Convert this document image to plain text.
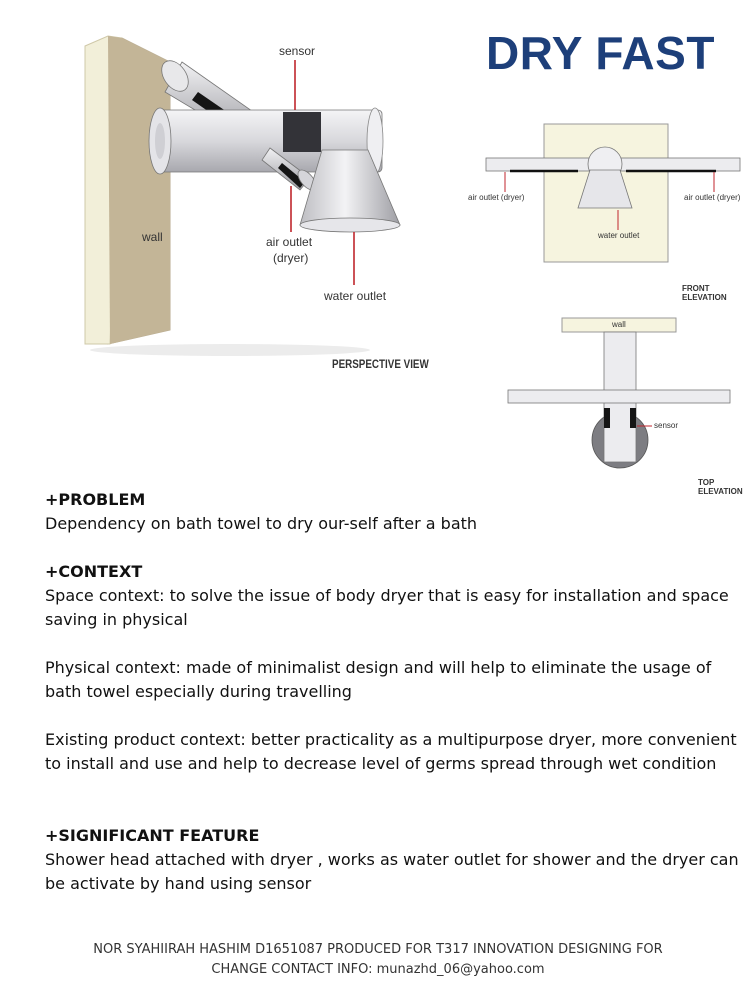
DRY FAST
sensor
wall	air outlet
(dryer)
water outlet
PERSPECTIVE VIEW
air outlet (dryer)	air outlet (dryer)
water outlet
FRONT ELEVATION
wall
sensor
TOP ELEVATION

+PROBLEM

Dependency on bath towel to dry our-self after a bath

+CONTEXT

Space context: to solve the issue of body dryer that is easy for installation and space saving in physical

Physical context: made of minimalist design and will help to eliminate the usage of bath towel especially during travelling

Existing product context: better practicality as a multipurpose dryer, more convenient to install and use and help to decrease level of germs spread through wet condition

+SIGNIFICANT FEATURE

Shower head attached with dryer , works as water outlet for shower and the dryer can be activate by hand using sensor

NOR SYAHIIRAH HASHIM D1651087 PRODUCED FOR T317 INNOVATION DESIGNING FOR
CHANGE CONTACT INFO: munazhd_06@yahoo.com
